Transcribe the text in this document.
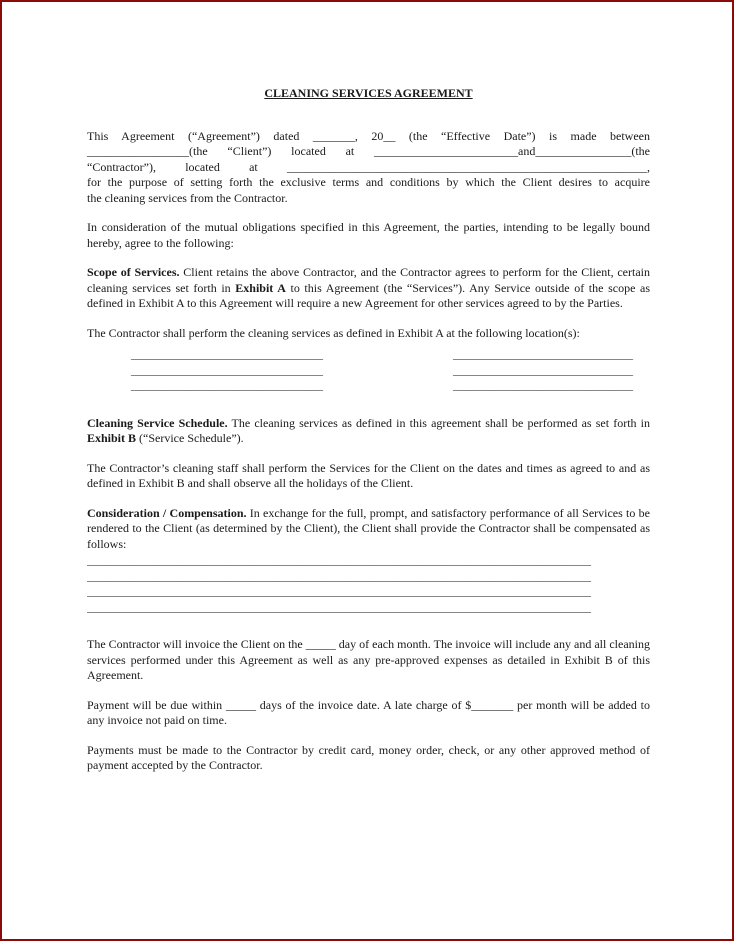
CLEANING SERVICES AGREEMENT

This Agreement (“Agreement”) dated _______, 20__ (the “Effective Date”) is made between
_________________(the “Client”) located at ________________________and________________(the
“Contractor”), located at ____________________________________________________________,
for the purpose of setting forth the exclusive terms and conditions by which the Client desires to acquire
the cleaning services from the Contractor.

In consideration of the mutual obligations specified in this Agreement, the parties, intending to be legally bound hereby, agree to the following:

Scope of Services. Client retains the above Contractor, and the Contractor agrees to perform for the Client, certain cleaning services set forth in Exhibit A to this Agreement (the “Services”). Any Service outside of the scope as defined in Exhibit A to this Agreement will require a new Agreement for other services agreed to by the Parties.

The Contractor shall perform the cleaning services as defined in Exhibit A at the following location(s):

________________________________
________________________________
________________________________
______________________________
______________________________
______________________________

Cleaning Service Schedule. The cleaning services as defined in this agreement shall be performed as set forth in Exhibit B (“Service Schedule”).

The Contractor’s cleaning staff shall perform the Services for the Client on the dates and times as agreed to and as defined in Exhibit B and shall observe all the holidays of the Client.

Consideration / Compensation. In exchange for the full, prompt, and satisfactory performance of all Services to be rendered to the Client (as determined by the Client), the Client shall provide the Contractor shall be compensated as follows:

____________________________________________________________________________________
____________________________________________________________________________________
____________________________________________________________________________________
____________________________________________________________________________________

The Contractor will invoice the Client on the _____ day of each month. The invoice will include any and all cleaning services performed under this Agreement as well as any pre-approved expenses as detailed in Exhibit B of this Agreement.

Payment will be due within _____ days of the invoice date. A late charge of $_______ per month will be added to any invoice not paid on time.

Payments must be made to the Contractor by credit card, money order, check, or any other approved method of payment accepted by the Contractor.
